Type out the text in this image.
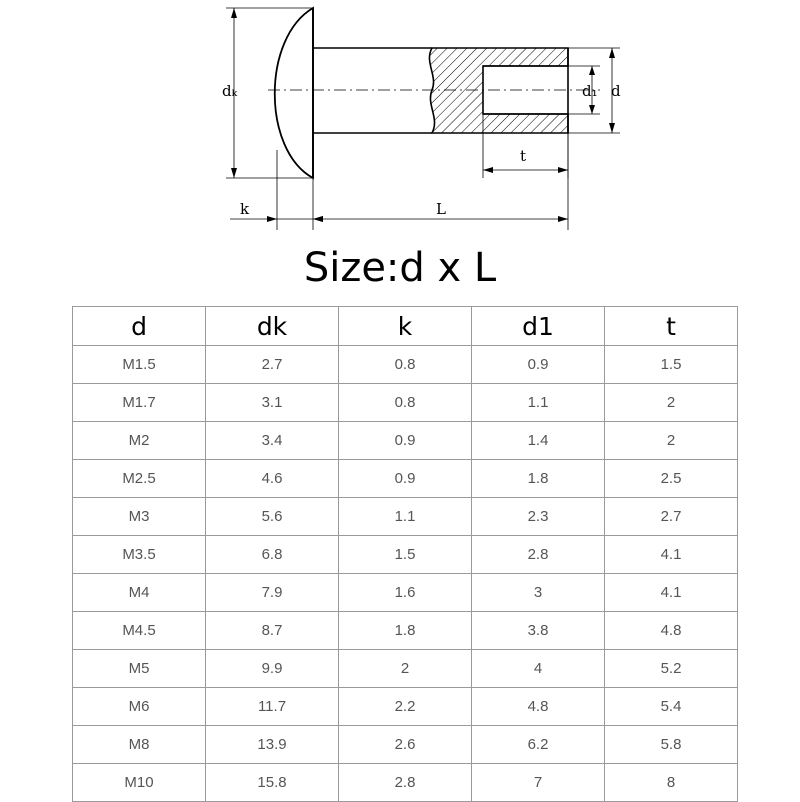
dₖ	d₁ d
t
k	L
Size:d x L
d	dk	k	d1	t
M1.5	2.7	0.8	0.9	1.5
M1.7	3.1	0.8	1.1	2
M2	3.4	0.9	1.4	2
M2.5	4.6	0.9	1.8	2.5
M3	5.6	1.1	2.3	2.7
M3.5	6.8	1.5	2.8	4.1
M4	7.9	1.6	3	4.1
M4.5	8.7	1.8	3.8	4.8
M5	9.9	2	4	5.2
M6	11.7	2.2	4.8	5.4
M8	13.9	2.6	6.2	5.8
M10	15.8	2.8	7	8
